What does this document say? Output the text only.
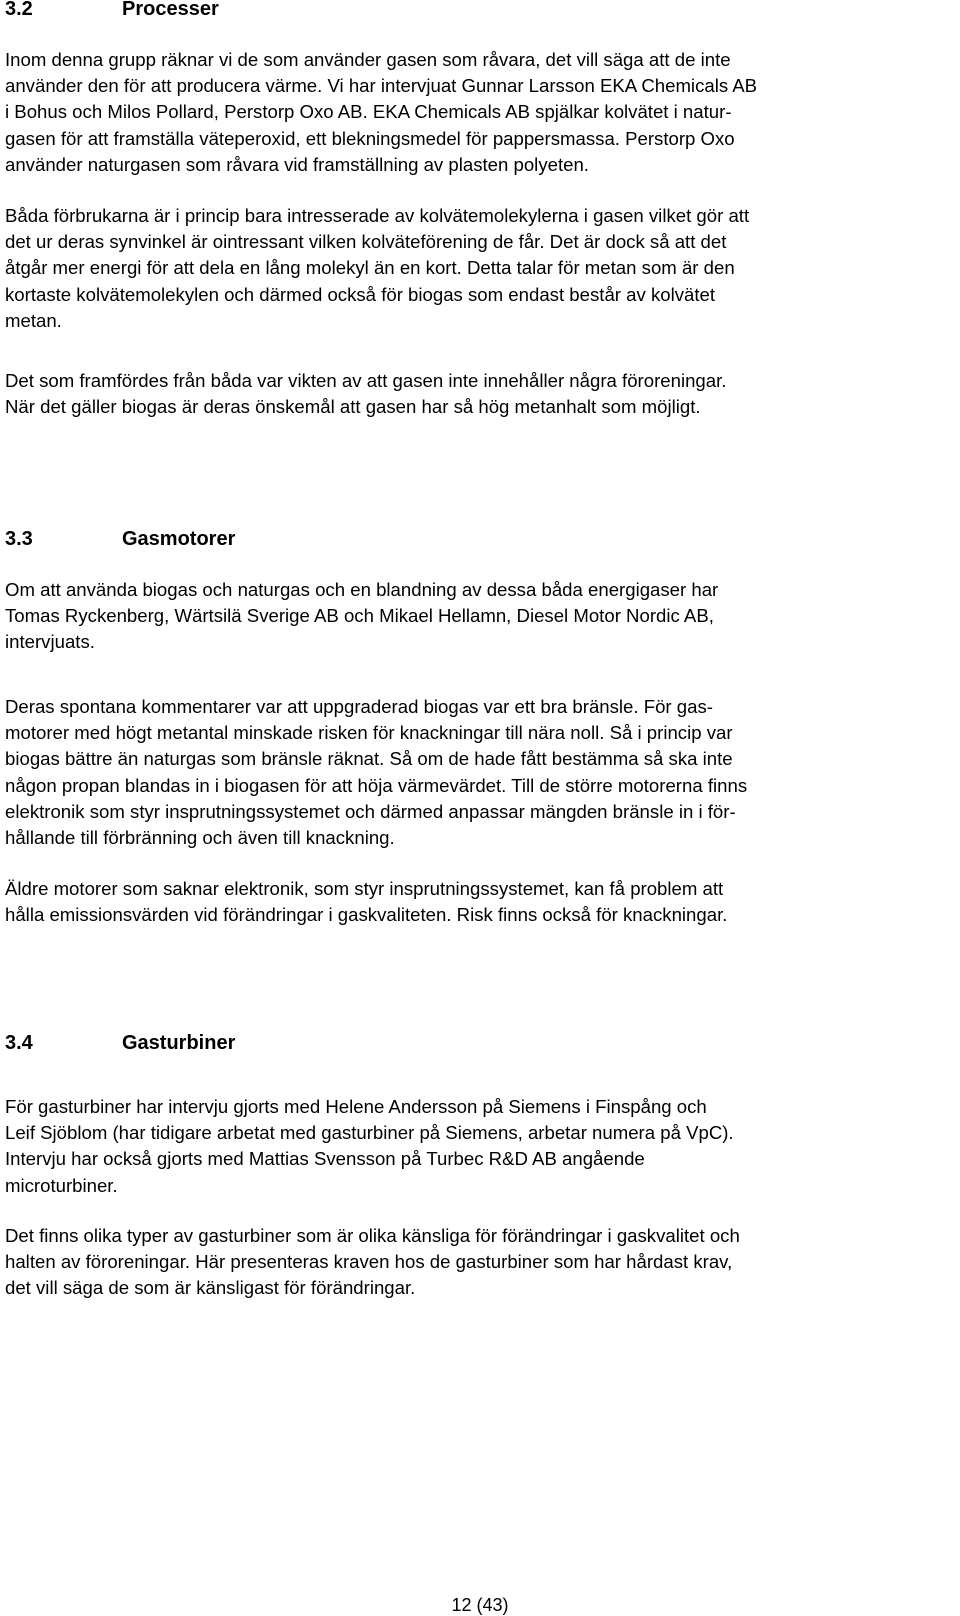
3.2	Processer

Inom denna grupp räknar vi de som använder gasen som råvara, det vill säga att de inte
använder den för att producera värme. Vi har intervjuat Gunnar Larsson EKA Chemicals AB
i Bohus och Milos Pollard, Perstorp Oxo AB. EKA Chemicals AB spjälkar kolvätet i natur-
gasen för att framställa väteperoxid, ett blekningsmedel för pappersmassa. Perstorp Oxo
använder naturgasen som råvara vid framställning av plasten polyeten.

Båda förbrukarna är i princip bara intresserade av kolvätemolekylerna i gasen vilket gör att
det ur deras synvinkel är ointressant vilken kolväteförening de får. Det är dock så att det
åtgår mer energi för att dela en lång molekyl än en kort. Detta talar för metan som är den
kortaste kolvätemolekylen och därmed också för biogas som endast består av kolvätet
metan.

Det som framfördes från båda var vikten av att gasen inte innehåller några föroreningar.
När det gäller biogas är deras önskemål att gasen har så hög metanhalt som möjligt.

3.3	Gasmotorer

Om att använda biogas och naturgas och en blandning av dessa båda energigaser har
Tomas Ryckenberg, Wärtsilä Sverige AB och Mikael Hellamn, Diesel Motor Nordic AB,
intervjuats.

Deras spontana kommentarer var att uppgraderad biogas var ett bra bränsle. För gas-
motorer med högt metantal minskade risken för knackningar till nära noll. Så i princip var
biogas bättre än naturgas som bränsle räknat. Så om de hade fått bestämma så ska inte
någon propan blandas in i biogasen för att höja värmevärdet. Till de större motorerna finns
elektronik som styr insprutningssystemet och därmed anpassar mängden bränsle in i för-
hållande till förbränning och även till knackning.

Äldre motorer som saknar elektronik, som styr insprutningssystemet, kan få problem att
hålla emissionsvärden vid förändringar i gaskvaliteten. Risk finns också för knackningar.

3.4	Gasturbiner

För gasturbiner har intervju gjorts med Helene Andersson på Siemens i Finspång och
Leif Sjöblom (har tidigare arbetat med gasturbiner på Siemens, arbetar numera på VpC).
Intervju har också gjorts med Mattias Svensson på Turbec R&D AB angående
microturbiner.

Det finns olika typer av gasturbiner som är olika känsliga för förändringar i gaskvalitet och
halten av föroreningar. Här presenteras kraven hos de gasturbiner som har hårdast krav,
det vill säga de som är känsligast för förändringar.

12 (43)
